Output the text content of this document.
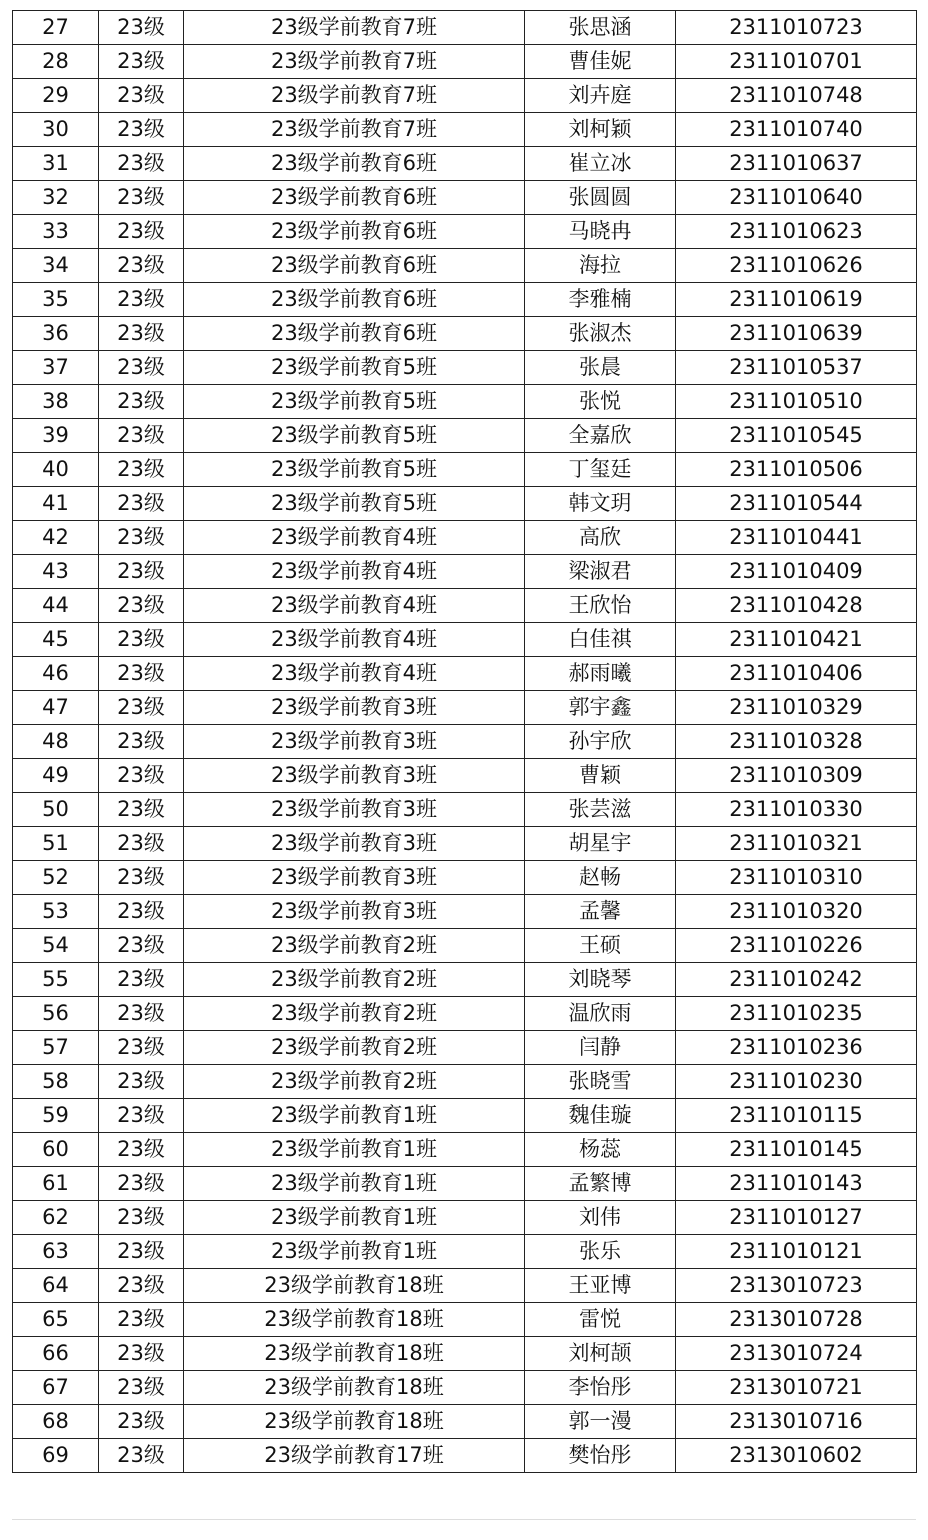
27	23级	23级学前教育7班	张思涵	2311010723
28	23级	23级学前教育7班	曹佳妮	2311010701
29	23级	23级学前教育7班	刘卉庭	2311010748
30	23级	23级学前教育7班	刘柯颖	2311010740
31	23级	23级学前教育6班	崔立冰	2311010637
32	23级	23级学前教育6班	张圆圆	2311010640
33	23级	23级学前教育6班	马晓冉	2311010623
34	23级	23级学前教育6班	海拉	2311010626
35	23级	23级学前教育6班	李雅楠	2311010619
36	23级	23级学前教育6班	张淑杰	2311010639
37	23级	23级学前教育5班	张晨	2311010537
38	23级	23级学前教育5班	张悦	2311010510
39	23级	23级学前教育5班	全嘉欣	2311010545
40	23级	23级学前教育5班	丁玺廷	2311010506
41	23级	23级学前教育5班	韩文玥	2311010544
42	23级	23级学前教育4班	高欣	2311010441
43	23级	23级学前教育4班	梁淑君	2311010409
44	23级	23级学前教育4班	王欣怡	2311010428
45	23级	23级学前教育4班	白佳祺	2311010421
46	23级	23级学前教育4班	郝雨曦	2311010406
47	23级	23级学前教育3班	郭宇鑫	2311010329
48	23级	23级学前教育3班	孙宇欣	2311010328
49	23级	23级学前教育3班	曹颖	2311010309
50	23级	23级学前教育3班	张芸滋	2311010330
51	23级	23级学前教育3班	胡星宇	2311010321
52	23级	23级学前教育3班	赵畅	2311010310
53	23级	23级学前教育3班	孟馨	2311010320
54	23级	23级学前教育2班	王硕	2311010226
55	23级	23级学前教育2班	刘晓琴	2311010242
56	23级	23级学前教育2班	温欣雨	2311010235
57	23级	23级学前教育2班	闫静	2311010236
58	23级	23级学前教育2班	张晓雪	2311010230
59	23级	23级学前教育1班	魏佳璇	2311010115
60	23级	23级学前教育1班	杨蕊	2311010145
61	23级	23级学前教育1班	孟繁博	2311010143
62	23级	23级学前教育1班	刘伟	2311010127
63	23级	23级学前教育1班	张乐	2311010121
64	23级	23级学前教育18班	王亚博	2313010723
65	23级	23级学前教育18班	雷悦	2313010728
66	23级	23级学前教育18班	刘柯颉	2313010724
67	23级	23级学前教育18班	李怡彤	2313010721
68	23级	23级学前教育18班	郭一漫	2313010716
69	23级	23级学前教育17班	樊怡彤	2313010602
